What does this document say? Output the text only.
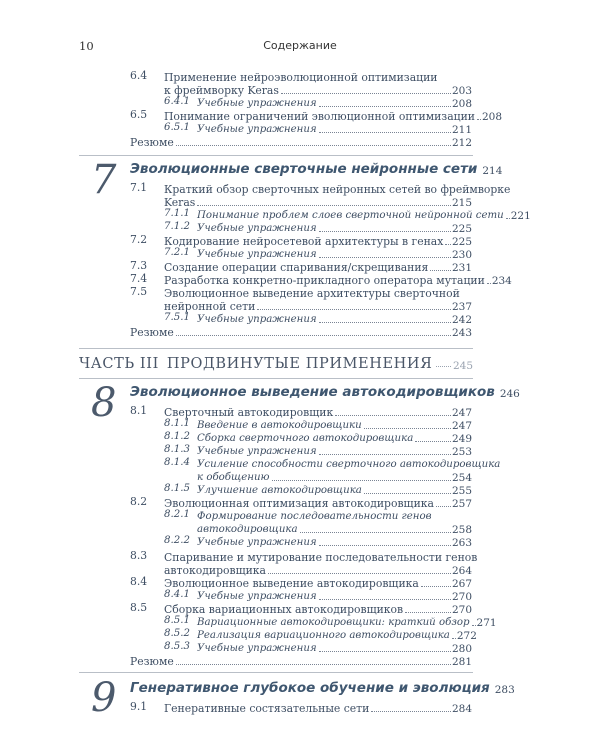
10	Содержание
6.4	Применение нейроэволюционной оптимизации
к фреймворку Keras	203
6.4.1 Учебные упражнения	208
6.5	Понимание ограничений эволюционной оптимизации 208
6.5.1 Учебные упражнения	211
Резюме	212
7 Эволюционные сверточные нейронные сети 214
7.1	Краткий обзор сверточных нейронных сетей во фреймворке
Keras	215
7.1.1 Понимание проблем слоев сверточной нейронной сети 221
7.1.2 Учебные упражнения	225
7.2	Кодирование нейросетевой архитектуры в генах 225
7.2.1 Учебные упражнения	230
7.3	Создание операции спаривания/скрещивания 231
7.4	Разработка конкретно-прикладного оператора мутации 234
7.5	Эволюционное выведение архитектуры сверточной
нейронной сети	237
7.5.1 Учебные упражнения	242
Резюме	243
ЧАСТЬ III ПРОДВИНУТЫЕ ПРИМЕНЕНИЯ 245
8 Эволюционное выведение автокодировщиков 246
8.1	Сверточный автокодировщик	247
8.1.1 Введение в автокодировщики	247
8.1.2 Сборка сверточного автокодировщика	249
8.1.3 Учебные упражнения	253
8.1.4 Усиление способности сверточного автокодировщика
к обобщению	254
8.1.5 Улучшение автокодировщика	255
8.2	Эволюционная оптимизация автокодировщика 257
8.2.1 Формирование последовательности генов
автокодировщика	258
8.2.2 Учебные упражнения	263
8.3	Спаривание и мутирование последовательности генов
автокодировщика	264
8.4	Эволюционное выведение автокодировщика	267
8.4.1 Учебные упражнения	270
8.5	Сборка вариационных автокодировщиков	270
8.5.1 Вариационные автокодировщики: краткий обзор 271
8.5.2 Реализация вариационного автокодировщика 272
8.5.3 Учебные упражнения	280
Резюме	281
9 Генеративное глубокое обучение и эволюция 283
9.1	Генеративные состязательные сети	284
